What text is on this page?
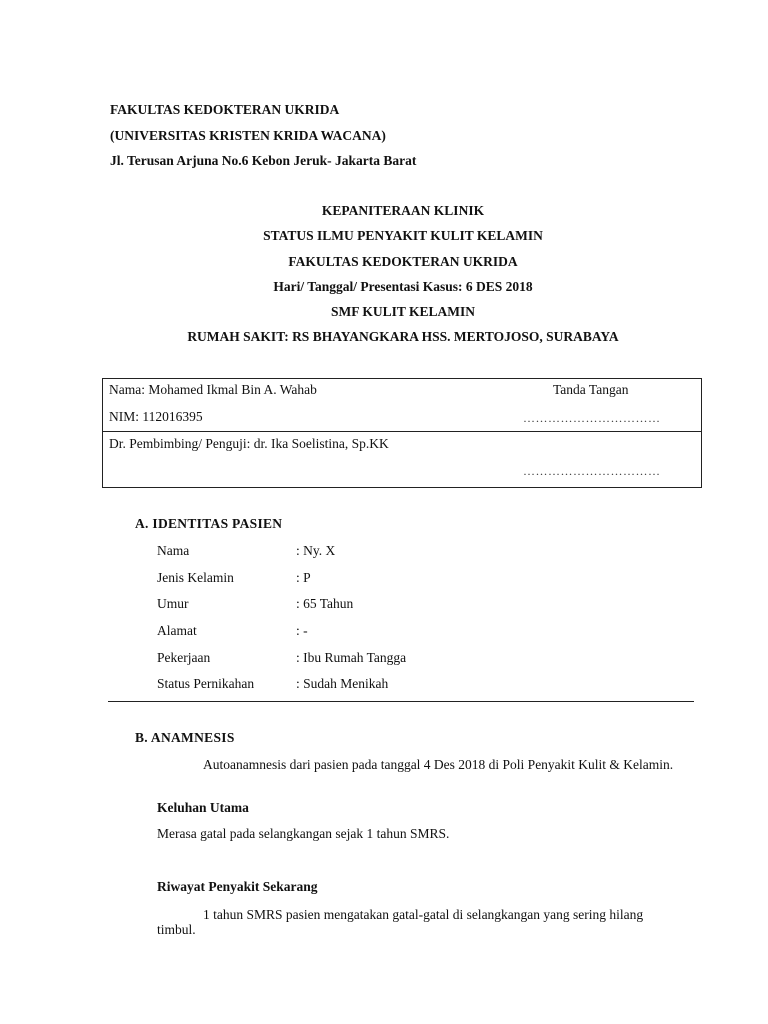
FAKULTAS KEDOKTERAN UKRIDA
(UNIVERSITAS KRISTEN KRIDA WACANA)
Jl. Terusan Arjuna No.6 Kebon Jeruk- Jakarta Barat
KEPANITERAAN KLINIK
STATUS ILMU PENYAKIT KULIT KELAMIN
FAKULTAS KEDOKTERAN UKRIDA
Hari/ Tanggal/ Presentasi Kasus: 6 DES 2018
SMF KULIT KELAMIN
RUMAH SAKIT: RS BHAYANGKARA HSS. MERTOJOSO, SURABAYA
Nama: Mohamed Ikmal Bin A. Wahab	Tanda Tangan
NIM: 112016395	……………………………
Dr. Pembimbing/ Penguji: dr. Ika Soelistina, Sp.KK
……………………………
A. IDENTITAS PASIEN
Nama	: Ny. X
Jenis Kelamin	: P
Umur	: 65 Tahun
Alamat	: -
Pekerjaan	: Ibu Rumah Tangga
Status Pernikahan	: Sudah Menikah
B. ANAMNESIS
Autoanamnesis dari pasien pada tanggal 4 Des 2018 di Poli Penyakit Kulit & Kelamin.
Keluhan Utama
Merasa gatal pada selangkangan sejak 1 tahun SMRS.
Riwayat Penyakit Sekarang
1 tahun SMRS pasien mengatakan gatal-gatal di selangkangan yang sering hilang timbul.
